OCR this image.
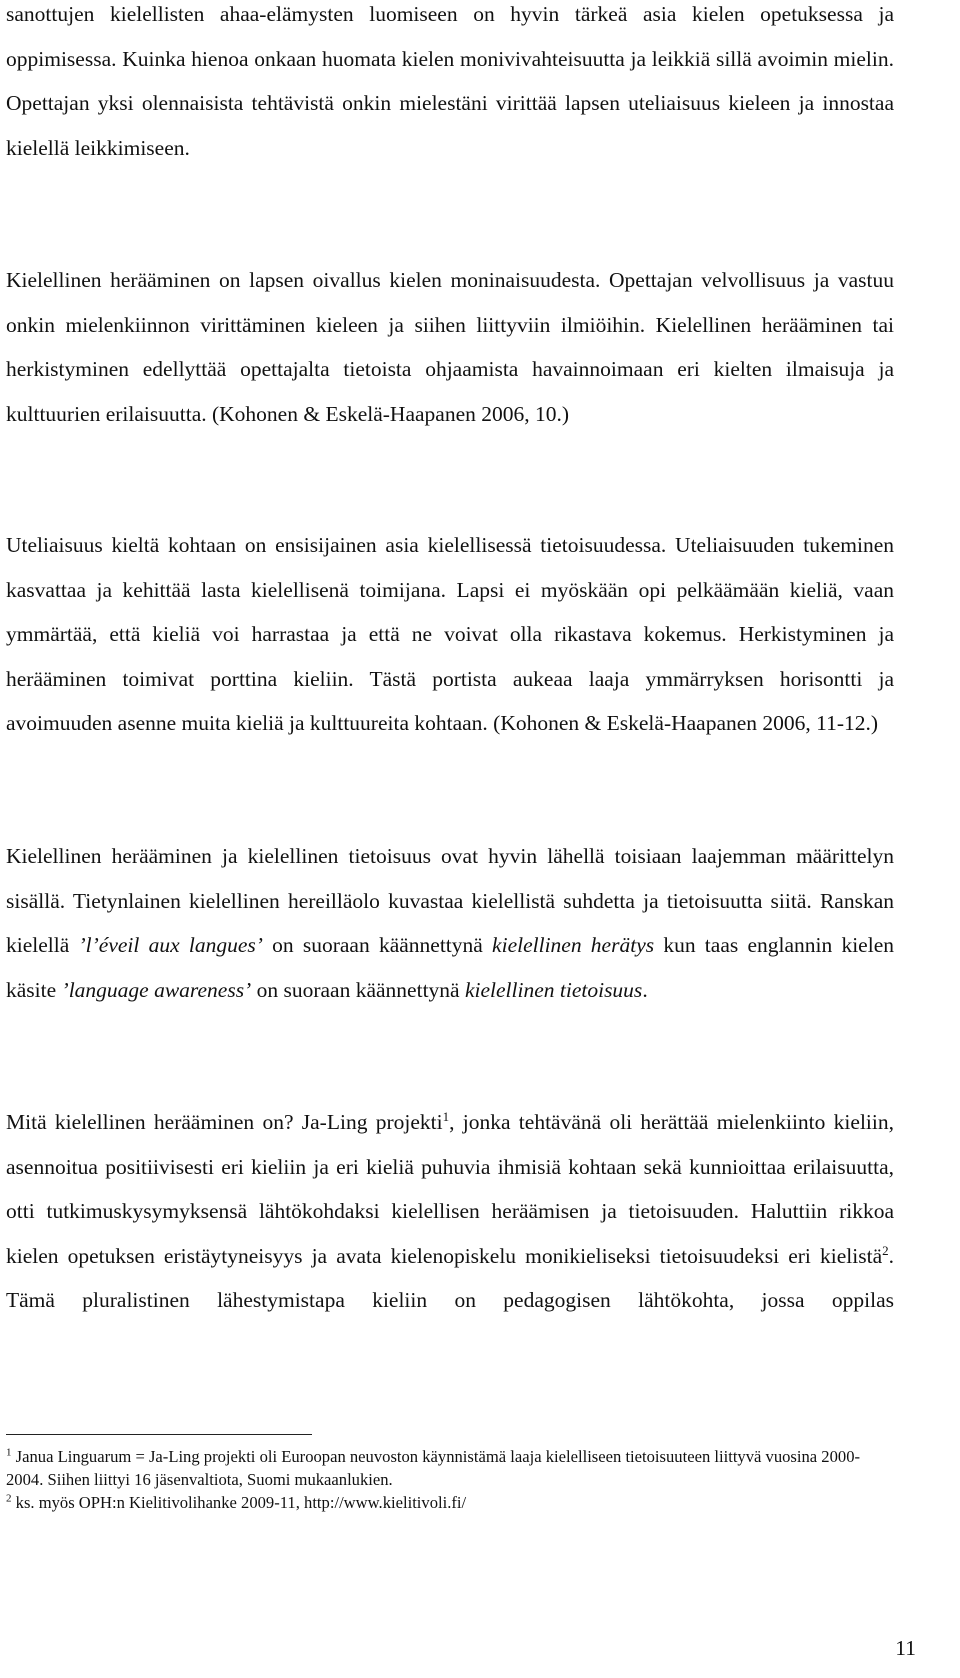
sanottujen kielellisten ahaa-elämysten luomiseen on hyvin tärkeä asia kielen opetuksessa ja oppimisessa. Kuinka hienoa onkaan huomata kielen monivivahteisuutta ja leikkiä sillä avoimin mielin. Opettajan yksi olennaisista tehtävistä onkin mielestäni virittää lapsen uteliaisuus kieleen ja innostaa kielellä leikkimiseen.

Kielellinen herääminen on lapsen oivallus kielen moninaisuudesta. Opettajan velvollisuus ja vastuu onkin mielenkiinnon virittäminen kieleen ja siihen liittyviin ilmiöihin. Kielellinen herääminen tai herkistyminen edellyttää opettajalta tietoista ohjaamista havainnoimaan eri kielten ilmaisuja ja kulttuurien erilaisuutta. (Kohonen & Eskelä-Haapanen 2006, 10.)

Uteliaisuus kieltä kohtaan on ensisijainen asia kielellisessä tietoisuudessa. Uteliaisuuden tukeminen kasvattaa ja kehittää lasta kielellisenä toimijana. Lapsi ei myöskään opi pelkäämään kieliä, vaan ymmärtää, että kieliä voi harrastaa ja että ne voivat olla rikastava kokemus. Herkistyminen ja herääminen toimivat porttina kieliin. Tästä portista aukeaa laaja ymmärryksen horisontti ja avoimuuden asenne muita kieliä ja kulttuureita kohtaan. (Kohonen & Eskelä-Haapanen 2006, 11-12.)

Kielellinen herääminen ja kielellinen tietoisuus ovat hyvin lähellä toisiaan laajemman määrittelyn sisällä. Tietynlainen kielellinen hereilläolo kuvastaa kielellistä suhdetta ja tietoisuutta siitä. Ranskan kielellä ’l’éveil aux langues’ on suoraan käännettynä kielellinen herätys kun taas englannin kielen käsite ’language awareness’ on suoraan käännettynä kielellinen tietoisuus.

Mitä kielellinen herääminen on? Ja-Ling projekti$^1$, jonka tehtävänä oli herättää mielenkiinto kieliin, asennoitua positiivisesti eri kieliin ja eri kieliä puhuvia ihmisiä kohtaan sekä kunnioittaa erilaisuutta, otti tutkimuskysymyksensä lähtökohdaksi kielellisen heräämisen ja tietoisuuden. Haluttiin rikkoa kielen opetuksen eristäytyneisyys ja avata kielenopiskelu monikieliseksi tietoisuudeksi eri kielistä$^2$. Tämä pluralistinen lähestymistapa kieliin on pedagogisen lähtökohta, jossa oppilas

$^1$ Janua Linguarum = Ja-Ling projekti oli Euroopan neuvoston käynnistämä laaja kielelliseen tietoisuuteen liittyvä vuosina 2000-2004. Siihen liittyi 16 jäsenvaltiota, Suomi mukaanlukien.

$^2$ ks. myös OPH:n Kielitivolihanke 2009-11, http://www.kielitivoli.fi/

11
